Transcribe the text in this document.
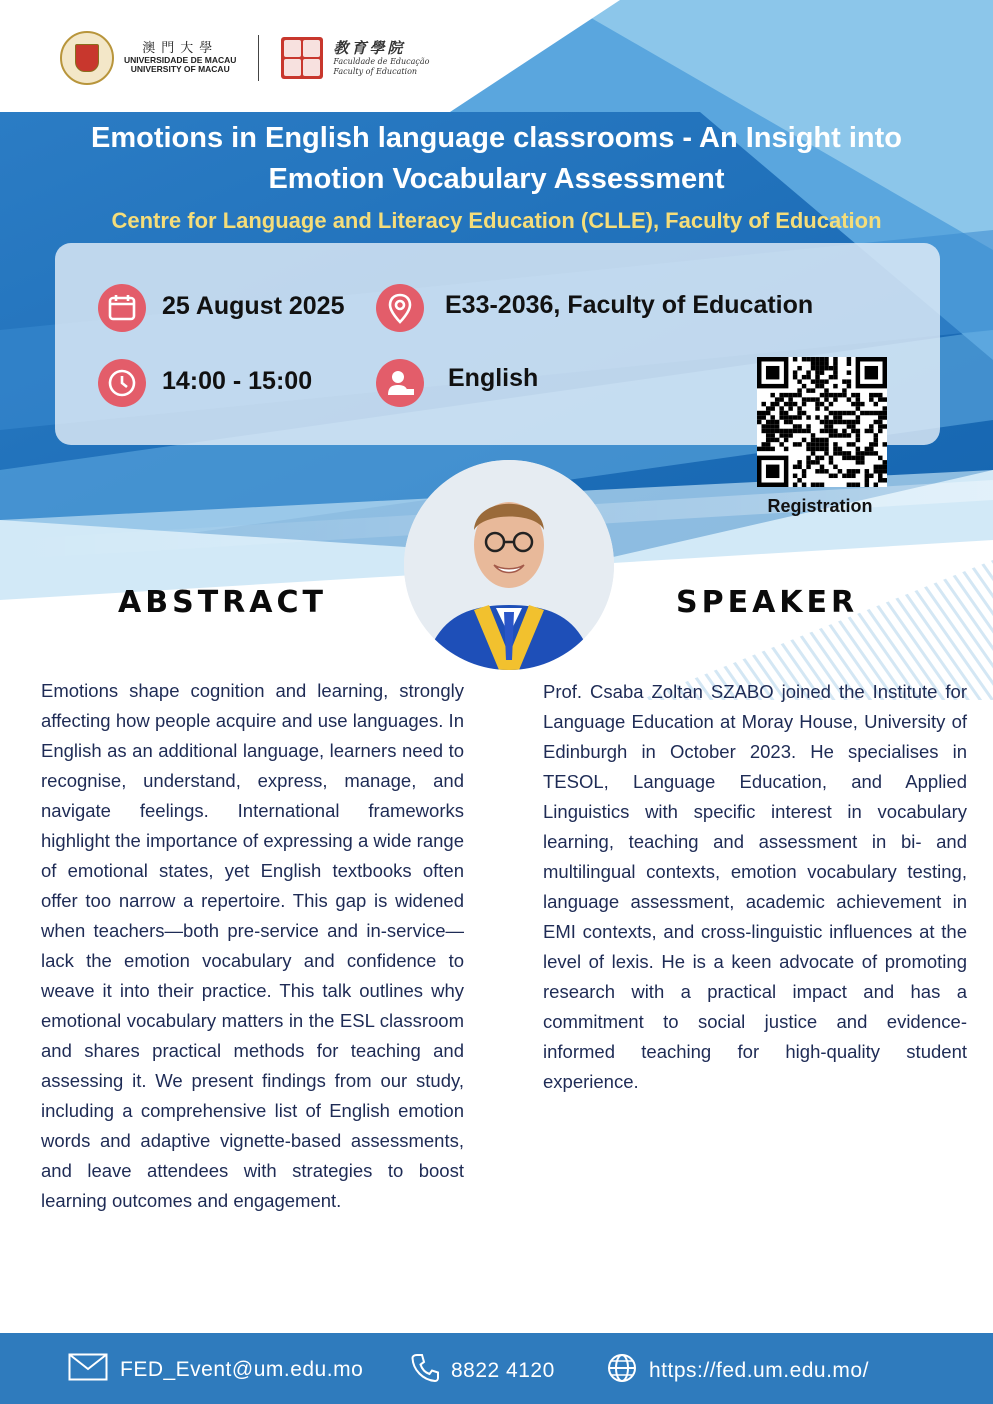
澳門大學
UNIVERSIDADE DE MACAU
UNIVERSITY OF MACAU
教育學院
Faculdade de Educação
Faculty of Education
Emotions in English language classrooms - An Insight into
Emotion Vocabulary Assessment
Centre for Language and Literacy Education (CLLE), Faculty of Education
25 August 2025	E33-2036, Faculty of Education
14:00 - 15:00	English
Registration
ABSTRACT	SPEAKER
Emotions shape cognition and learning, strongly affecting how people acquire and use languages. In English as an additional language, learners need to recognise, understand, express, manage, and navigate feelings. International frameworks highlight the importance of expressing a wide range of emotional states, yet English textbooks often offer too narrow a repertoire. This gap is widened when teachers—both pre-service and in-service—lack the emotion vocabulary and confidence to weave it into their practice. This talk outlines why emotional vocabulary matters in the ESL classroom and shares practical methods for teaching and assessing it. We present findings from our study, including a comprehensive list of English emotion words and adaptive vignette-based assessments, and leave attendees with strategies to boost learning outcomes and engagement.
Prof. Csaba Zoltan SZABO joined the Institute for Language Education at Moray House, University of Edinburgh in October 2023. He specialises in TESOL, Language Education, and Applied Linguistics with specific interest in vocabulary learning, teaching and assessment in bi- and multilingual contexts, emotion vocabulary testing, language assessment, academic achievement in EMI contexts, and cross-linguistic influences at the level of lexis. He is a keen advocate of promoting research with a practical impact and has a commitment to social justice and evidence-informed teaching for high-quality student experience.
FED_Event@um.edu.mo	8822 4120	https://fed.um.edu.mo/
